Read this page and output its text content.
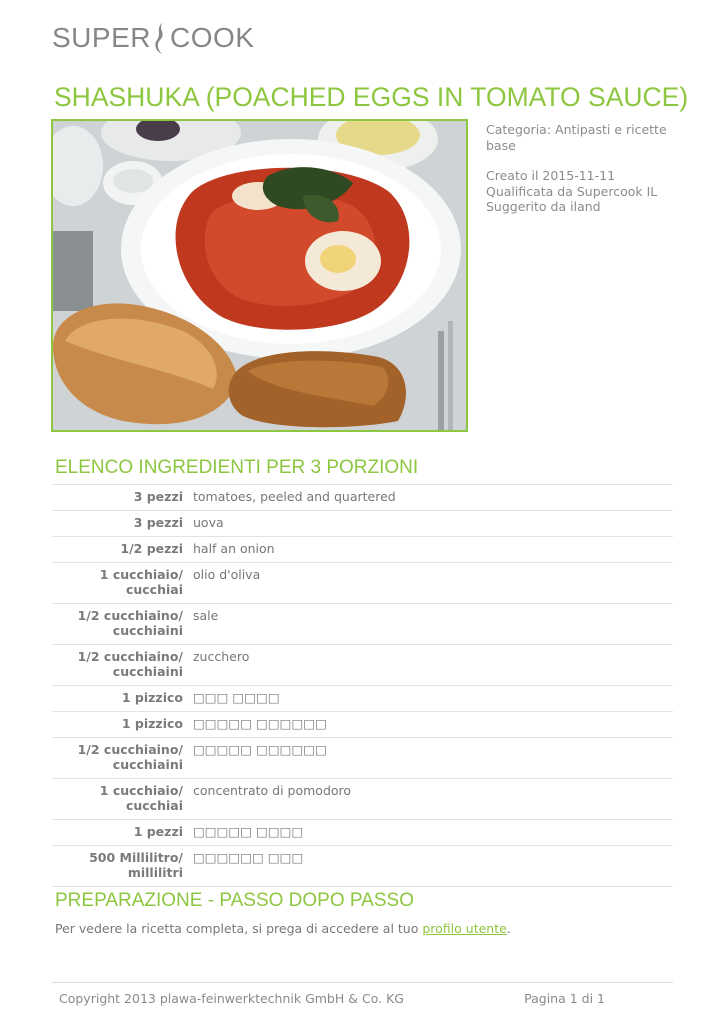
SUPER COOK
SHASHUKA (POACHED EGGS IN TOMATO SAUCE)

Categoria: Antipasti e ricette base

Creato il 2015-11-11

Qualificata da Supercook IL

Suggerito da iland

ELENCO INGREDIENTI PER 3 PORZIONI
3 pezzi tomatoes, peeled and quartered
3 pezzi uova
1/2 pezzi half an onion
1 cucchiaio/
cucchiai
olio d'oliva
1/2 cucchiaino/
cucchiaini
sale
1/2 cucchiaino/
cucchiaini
zucchero
1 pizzico □□□ □□□□
1 pizzico □□□□□ □□□□□□
1/2 cucchiaino/
cucchiaini
□□□□□ □□□□□□
1 cucchiaio/
cucchiai
concentrato di pomodoro
1 pezzi □□□□□ □□□□
500 Millilitro/
millilitri
□□□□□□ □□□
PREPARAZIONE - PASSO DOPO PASSO
Per vedere la ricetta completa, si prega di accedere al tuo profilo utente.
Copyright 2013 plawa-feinwerktechnik GmbH & Co. KG	Pagina 1 di 1
